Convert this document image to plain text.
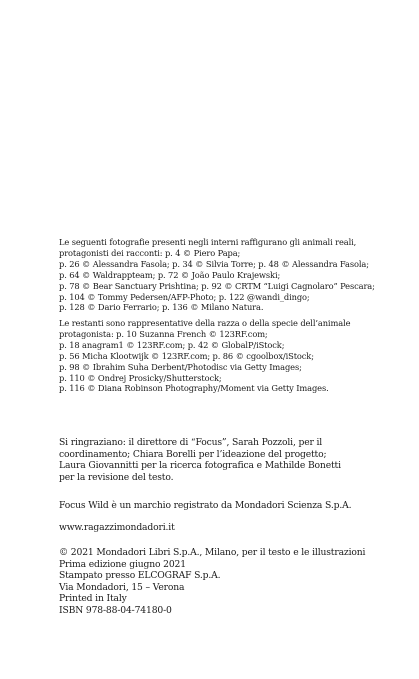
Le seguenti fotografie presenti negli interni raffigurano gli animali reali,

protagonisti dei racconti: p. 4 © Piero Papa;

p. 26 © Alessandra Fasola; p. 34 © Silvia Torre; p. 48 © Alessandra Fasola;

p. 64 © Waldrappteam; p. 72 © João Paulo Krajewski;

p. 78 © Bear Sanctuary Prishtina; p. 92 © CRTM “Luigi Cagnolaro” Pescara;

p. 104 © Tommy Pedersen/AFP-Photo; p. 122 @wandi_dingo;

p. 128 © Dario Ferrario; p. 136 © Milano Natura.

Le restanti sono rappresentative della razza o della specie dell’animale

protagonista: p. 10 Suzanna French © 123RF.com;

p. 18 anagram1 © 123RF.com; p. 42 © GlobalP/iStock;

p. 56 Micha Klootwijk © 123RF.com; p. 86 © cgoolbox/iStock;

p. 98 © Ibrahim Suha Derbent/Photodisc via Getty Images;

p. 110 © Ondrej Prosicky/Shutterstock;

p. 116 © Diana Robinson Photography/Moment via Getty Images.

Si ringraziano: il direttore di “Focus”, Sarah Pozzoli, per il

coordinamento; Chiara Borelli per l’ideazione del progetto;

Laura Giovannitti per la ricerca fotografica e Mathilde Bonetti

per la revisione del testo.

Focus Wild è un marchio registrato da Mondadori Scienza S.p.A.

www.ragazzimondadori.it

© 2021 Mondadori Libri S.p.A., Milano, per il testo e le illustrazioni

Prima edizione giugno 2021

Stampato presso ELCOGRAF S.p.A.

Via Mondadori, 15 – Verona

Printed in Italy

ISBN 978-88-04-74180-0
